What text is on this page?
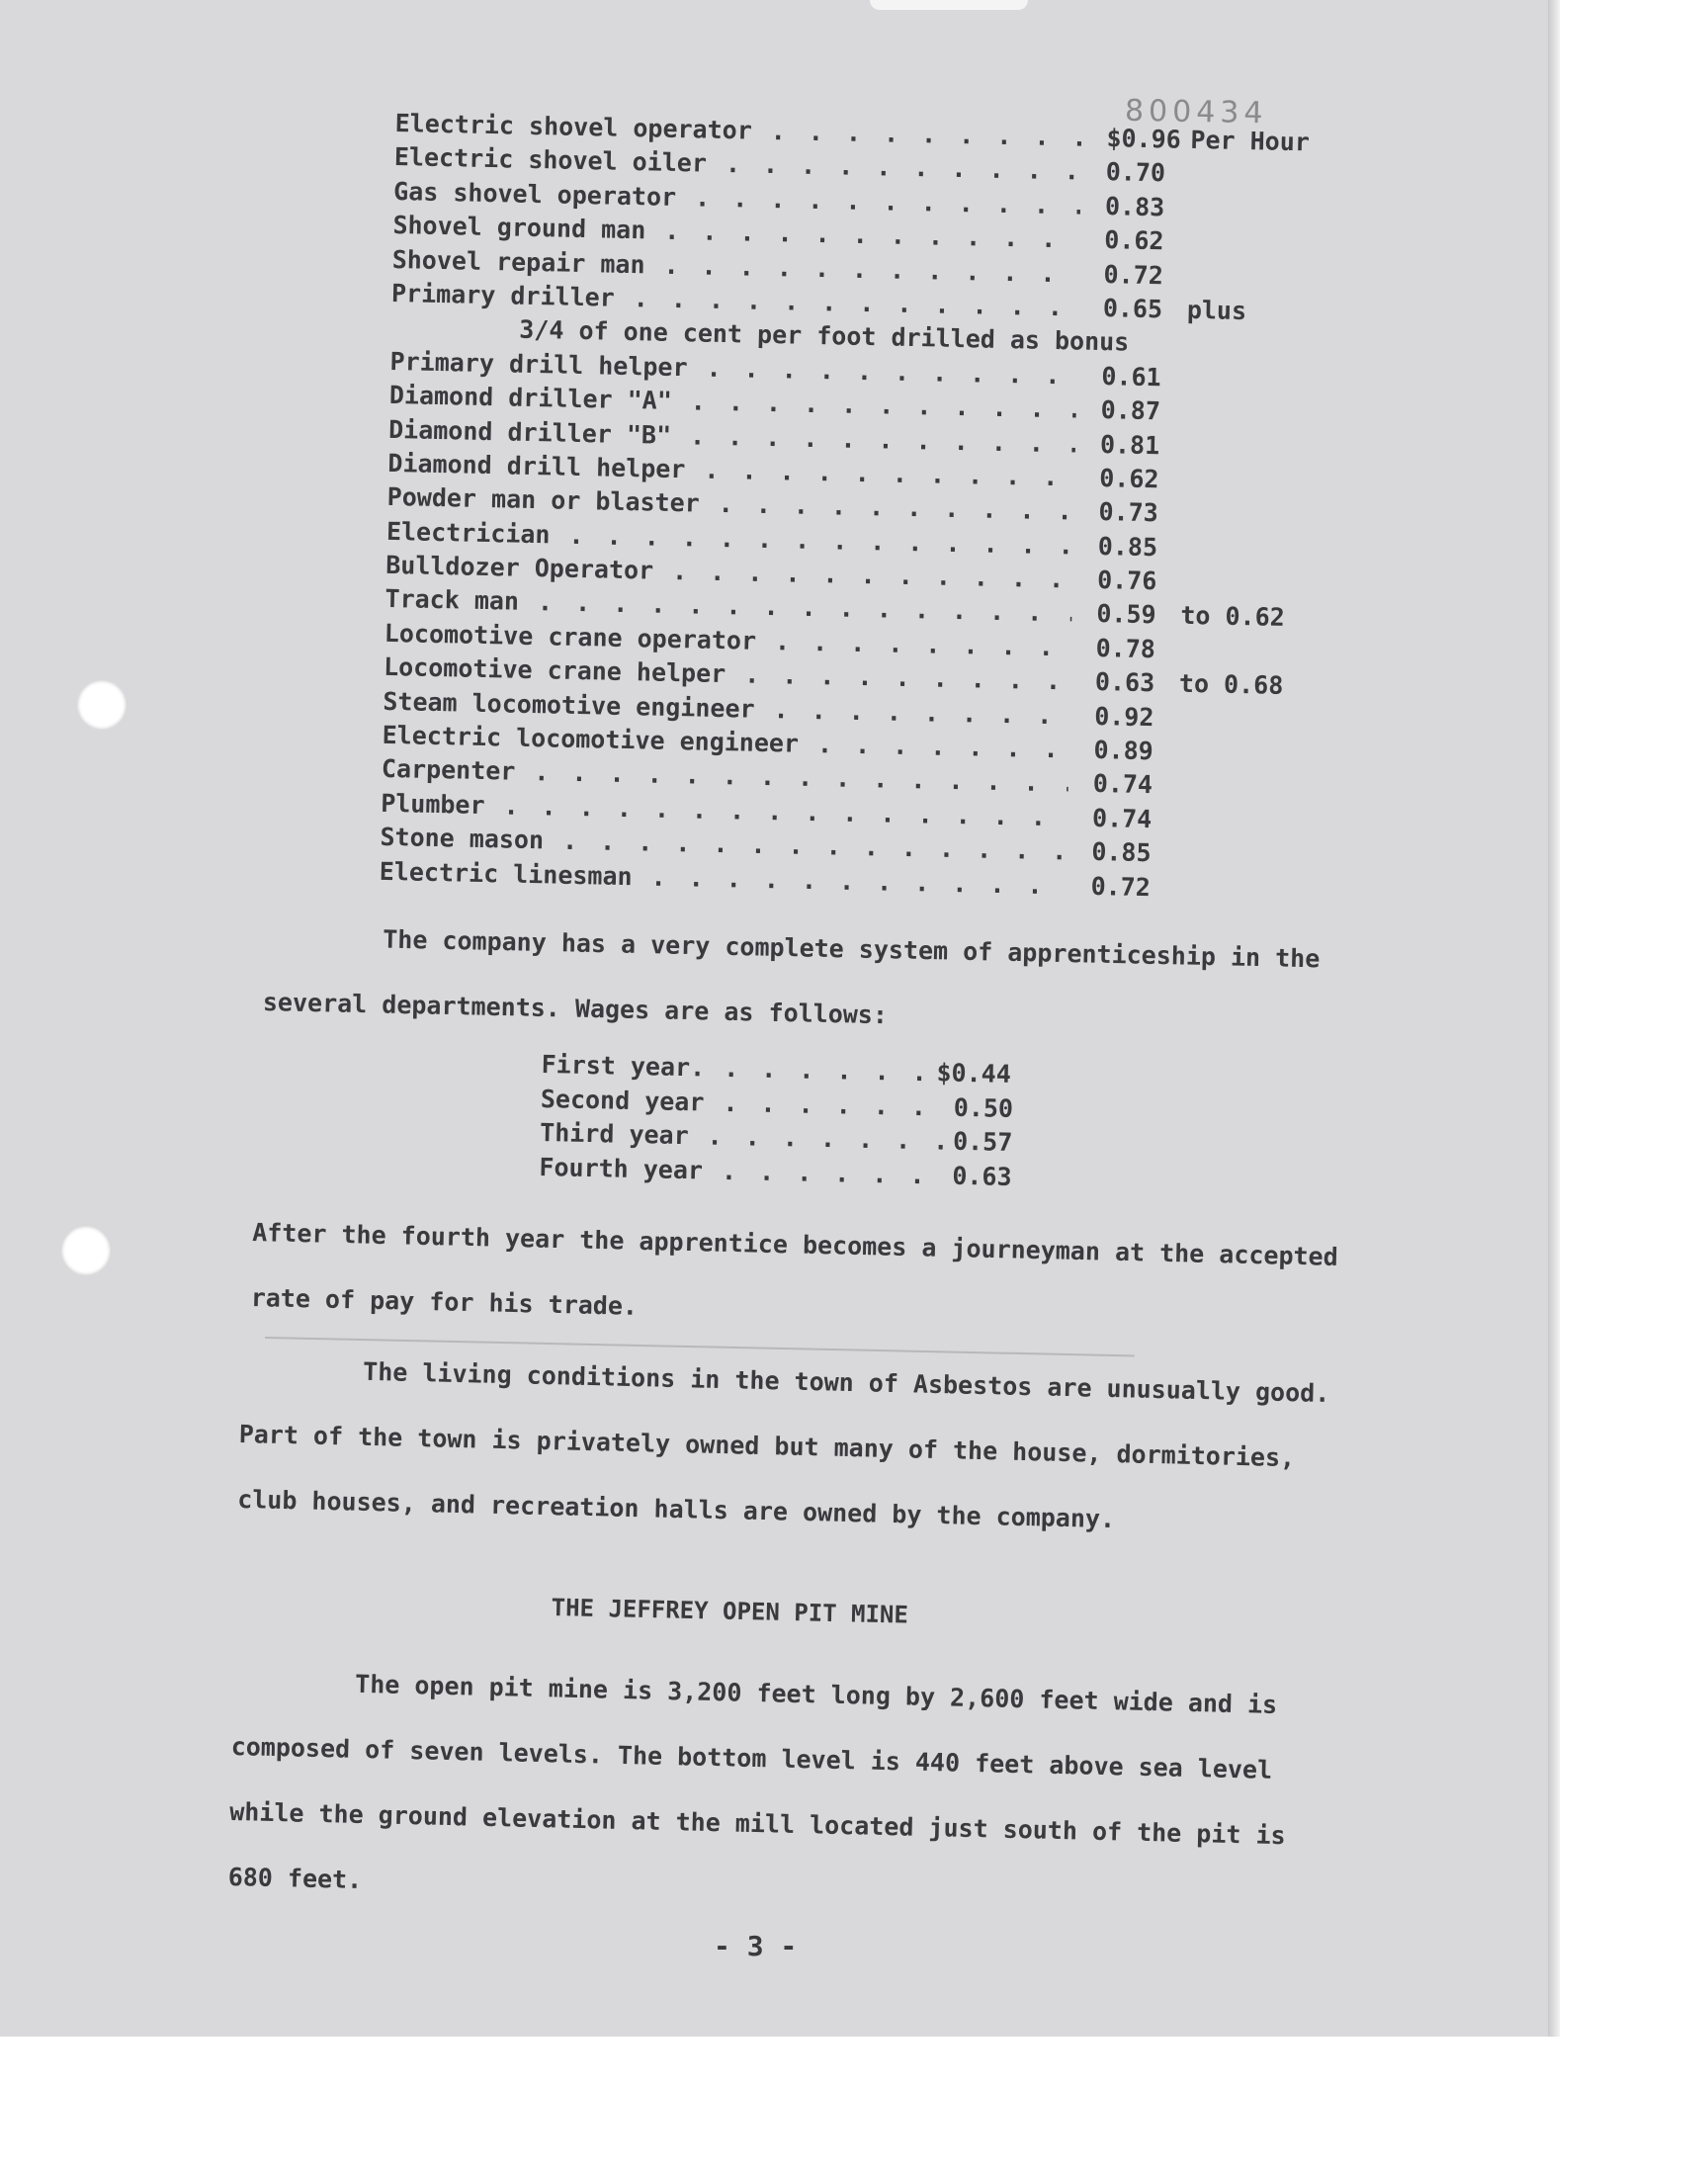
800434
Electric shovel operator . . .	$0.96 Per Hour
Electric shovel oiler . . .	0.70
Gas shovel operator . . .	0.83
Shovel ground man . . .	0.62
Shovel repair man . . .	0.72
Primary driller . . .	0.65 plus
3/4 of one cent per foot drilled as bonus
Primary drill helper . . .	0.61
Diamond driller "A" . . .	0.87
Diamond driller "B" . . .	0.81
Diamond drill helper . . .	0.62
Powder man or blaster . . .	0.73
Electrician . . .	0.85
Bulldozer Operator . . .	0.76
Track man . . .	0.59 to 0.62
Locomotive crane operator . . .	0.78
Locomotive crane helper . . .	0.63 to 0.68
Steam locomotive engineer . . .	0.92
Electric locomotive engineer . . .	0.89
Carpenter . . .	0.74
Plumber . . .	0.74
Stone mason . . .	0.85
Electric linesman . . .	0.72
The company has a very complete system of apprenticeship in the
several departments. Wages are as follows:
First year. . . .	$0.44
Second year . . .	0.50
Third year . . .	0.57
Fourth year . . .	0.63
After the fourth year the apprentice becomes a journeyman at the accepted
rate of pay for his trade.
The living conditions in the town of Asbestos are unusually good.
Part of the town is privately owned but many of the house, dormitories,
club houses, and recreation halls are owned by the company.
THE JEFFREY OPEN PIT MINE
The open pit mine is 3,200 feet long by 2,600 feet wide and is
composed of seven levels. The bottom level is 440 feet above sea level
while the ground elevation at the mill located just south of the pit is
680 feet.
- 3 -
